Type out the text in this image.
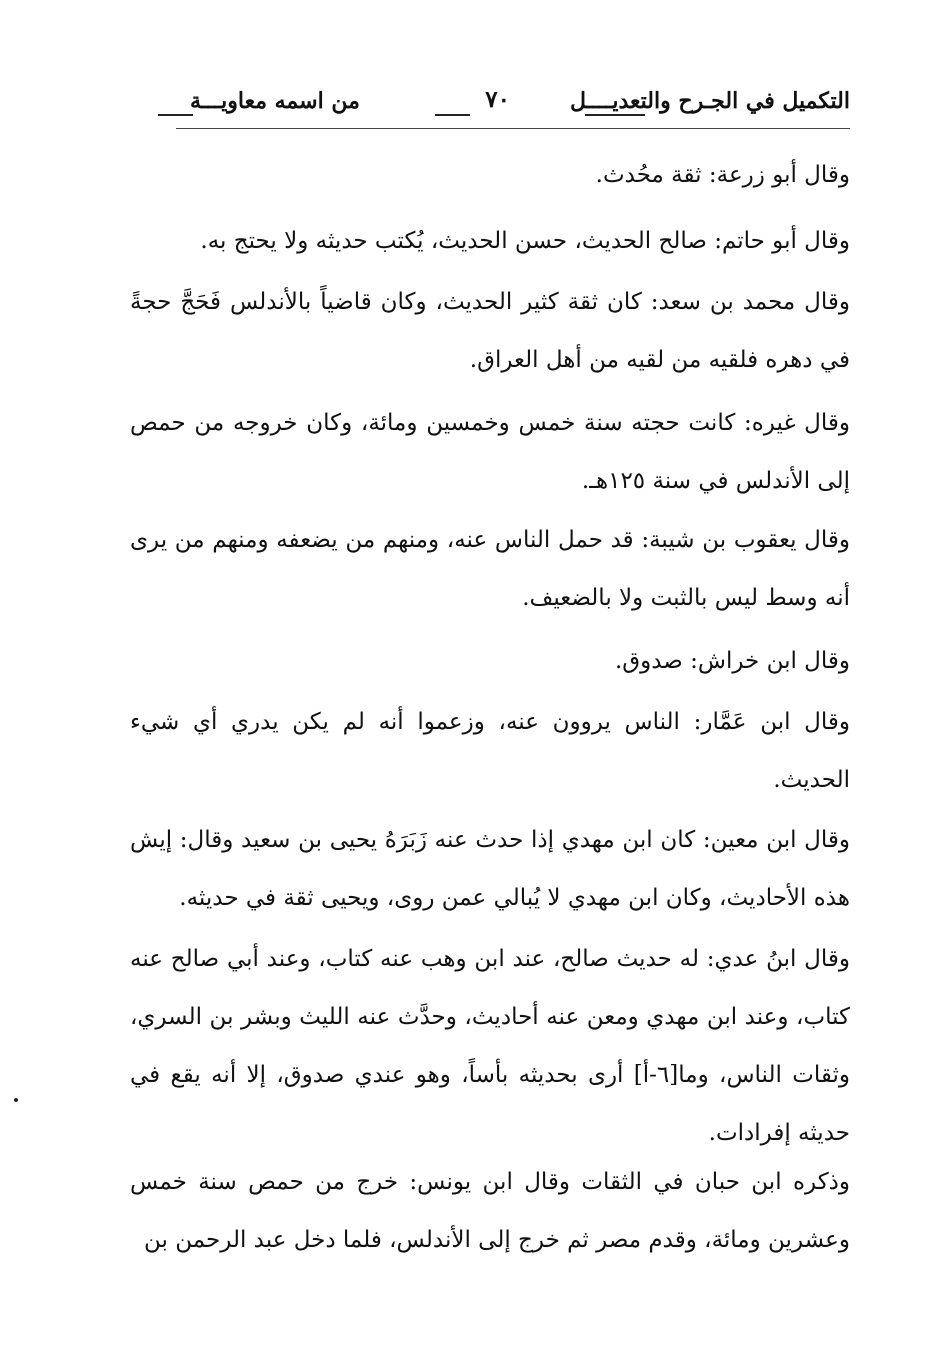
التكميل في الجـرح والتعديــــل
٧٠
من اسمه معاويـــة
وقال أبو زرعة: ثقة محُدث.
وقال أبو حاتم: صالح الحديث، حسن الحديث، يُكتب حديثه ولا يحتج به.
وقال محمد بن سعد: كان ثقة كثير الحديث، وكان قاضياً بالأندلس فَحَجَّ حجةً في دهره فلقيه من لقيه من أهل العراق.
وقال غيره: كانت حجته سنة خمس وخمسين ومائة، وكان خروجه من حمص إلى الأندلس في سنة ١٢٥هـ.
وقال يعقوب بن شيبة: قد حمل الناس عنه، ومنهم من يضعفه ومنهم من يرى أنه وسط ليس بالثبت ولا بالضعيف.
وقال ابن خراش: صدوق.
وقال ابن عَمَّار: الناس يروون عنه، وزعموا أنه لم يكن يدري أي شيء الحديث.
وقال ابن معين: كان ابن مهدي إذا حدث عنه زَبَرَهُ يحيى بن سعيد وقال: إيش هذه الأحاديث، وكان ابن مهدي لا يُبالي عمن روى، ويحيى ثقة في حديثه.
وقال ابنُ عدي: له حديث صالح، عند ابن وهب عنه كتاب، وعند أبي صالح عنه كتاب، وعند ابن مهدي ومعن عنه أحاديث، وحدَّث عنه الليث وبشر بن السري، وثقات الناس، وما[٦-أ] أرى بحديثه بأساً، وهو عندي صدوق، إلا أنه يقع في حديثه إفرادات.
وذكره ابن حبان في الثقات وقال ابن يونس: خرج من حمص سنة خمس وعشرين ومائة، وقدم مصر ثم خرج إلى الأندلس، فلما دخل عبد الرحمن بن
